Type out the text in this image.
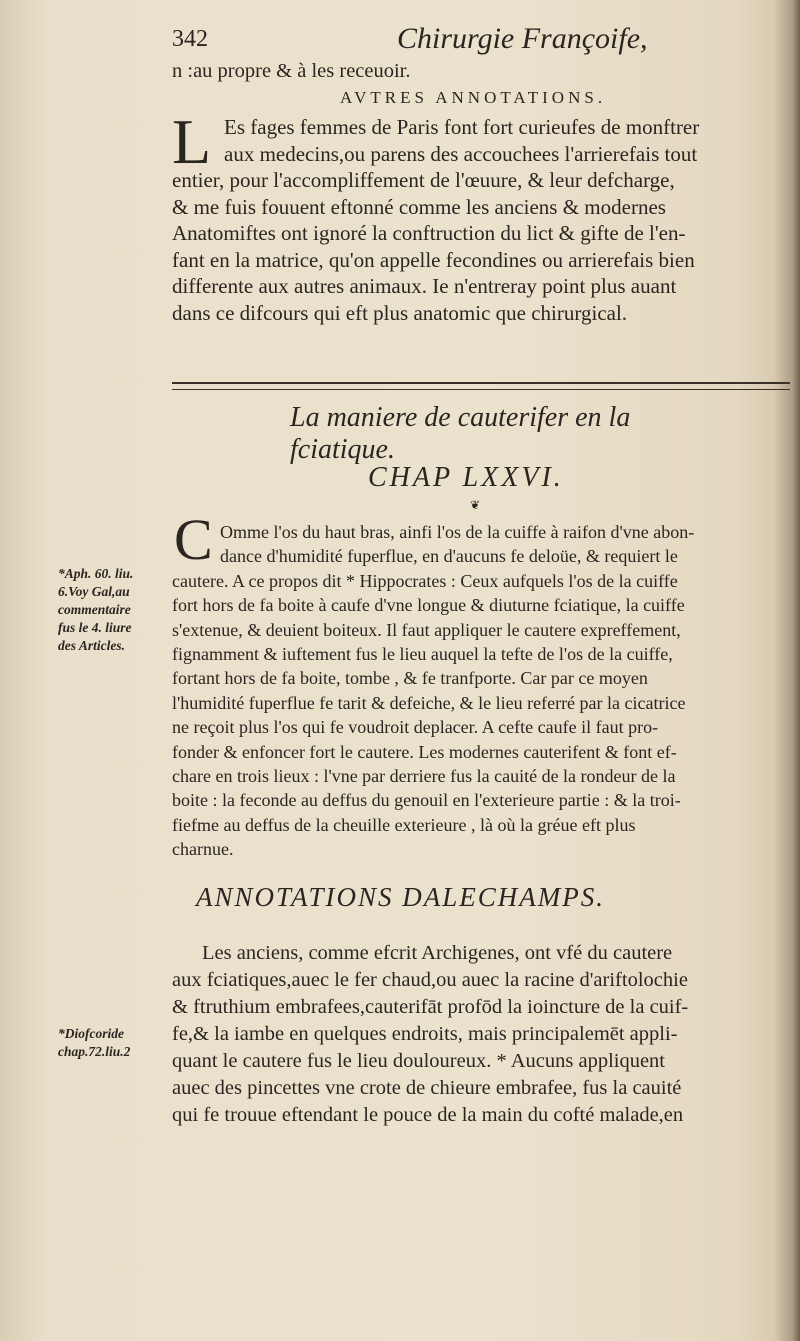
342	Chirurgie Françoife,
n :au propre & à les receuoir.
AVTRES ANNOTATIONS.
L Es fages femmes de Paris font fort curieufes de monftrer
aux medecins,ou parens des accouchees l'arrierefais tout
entier, pour l'accompliffement de l'œuure, & leur defcharge,
& me fuis fouuent eftonné comme les anciens & modernes
Anatomiftes ont ignoré la conftruction du lict & gifte de l'en-
fant en la matrice, qu'on appelle fecondines ou arrierefais bien
differente aux autres animaux. Ie n'entreray point plus auant
dans ce difcours qui eft plus anatomic que chirurgical.
La maniere de cauterifer en la fciatique.
CHAP LXXVI.
❦
*Aph. 60. liu.
6.Voy Gal,au
commentaire
fus le 4. liure
des Articles.
C Omme l'os du haut bras, ainfi l'os de la cuiffe à raifon d'vne abon-
dance d'humidité fuperflue, en d'aucuns fe deloüe, & requiert le
cautere. A ce propos dit * Hippocrates : Ceux aufquels l'os de la cuiffe
fort hors de fa boite à caufe d'vne longue & diuturne fciatique, la cuiffe
s'extenue, & deuient boiteux. Il faut appliquer le cautere expreffement,
fignamment & iuftement fus le lieu auquel la tefte de l'os de la cuiffe,
fortant hors de fa boite, tombe , & fe tranfporte. Car par ce moyen
l'humidité fuperflue fe tarit & defeiche, & le lieu referré par la cicatrice
ne reçoit plus l'os qui fe voudroit deplacer. A cefte caufe il faut pro-
fonder & enfoncer fort le cautere. Les modernes cauterifent & font ef-
chare en trois lieux : l'vne par derriere fus la cauité de la rondeur de la
boite : la feconde au deffus du genouil en l'exterieure partie : & la troi-
fiefme au deffus de la cheuille exterieure , là où la gréue eft plus
charnue.
ANNOTATIONS DALECHAMPS.
*Diofcoride
chap.72.liu.2
Les anciens, comme efcrit Archigenes, ont vfé du cautere
aux fciatiques,auec le fer chaud,ou auec la racine d'ariftolochie
& ftruthium embrafees,cauterifāt profōd la ioincture de la cuif-
fe,& la iambe en quelques endroits, mais principalemēt appli-
quant le cautere fus le lieu douloureux. * Aucuns appliquent
auec des pincettes vne crote de chieure embrafee, fus la cauité
qui fe trouue eftendant le pouce de la main du cofté malade,en
